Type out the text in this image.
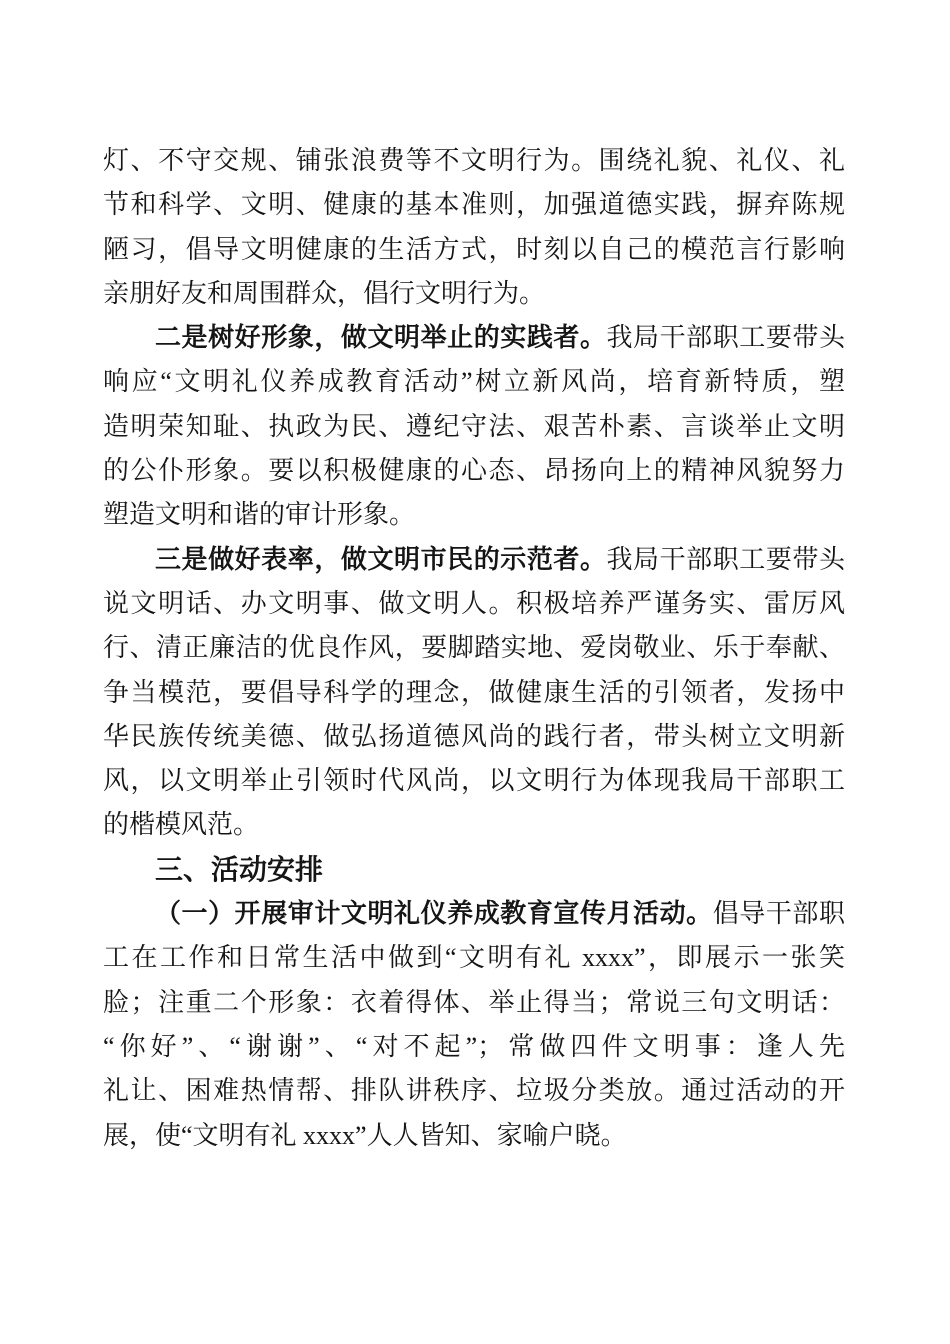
灯、不守交规、铺张浪费等不文明行为。围绕礼貌、礼仪、礼
节和科学、文明、健康的基本准则，加强道德实践，摒弃陈规
陋习，倡导文明健康的生活方式，时刻以自己的模范言行影响
亲朋好友和周围群众，倡行文明行为。
二是树好形象，做文明举止的实践者。我局干部职工要带头
响应“文明礼仪养成教育活动”树立新风尚，培育新特质，塑
造明荣知耻、执政为民、遵纪守法、艰苦朴素、言谈举止文明
的公仆形象。要以积极健康的心态、昂扬向上的精神风貌努力
塑造文明和谐的审计形象。
三是做好表率，做文明市民的示范者。我局干部职工要带头
说文明话、办文明事、做文明人。积极培养严谨务实、雷厉风
行、清正廉洁的优良作风，要脚踏实地、爱岗敬业、乐于奉献、
争当模范，要倡导科学的理念，做健康生活的引领者，发扬中
华民族传统美德、做弘扬道德风尚的践行者，带头树立文明新
风，以文明举止引领时代风尚，以文明行为体现我局干部职工
的楷模风范。
三、活动安排
（一）开展审计文明礼仪养成教育宣传月活动。倡导干部职
工在工作和日常生活中做到“文明有礼 xxxx”，即展示一张笑
脸；注重二个形象：衣着得体、举止得当；常说三句文明话：
“你好”、“谢谢”、“对不起”；常做四件文明事：逢人先
礼让、困难热情帮、排队讲秩序、垃圾分类放。通过活动的开
展，使“文明有礼 xxxx”人人皆知、家喻户晓。
